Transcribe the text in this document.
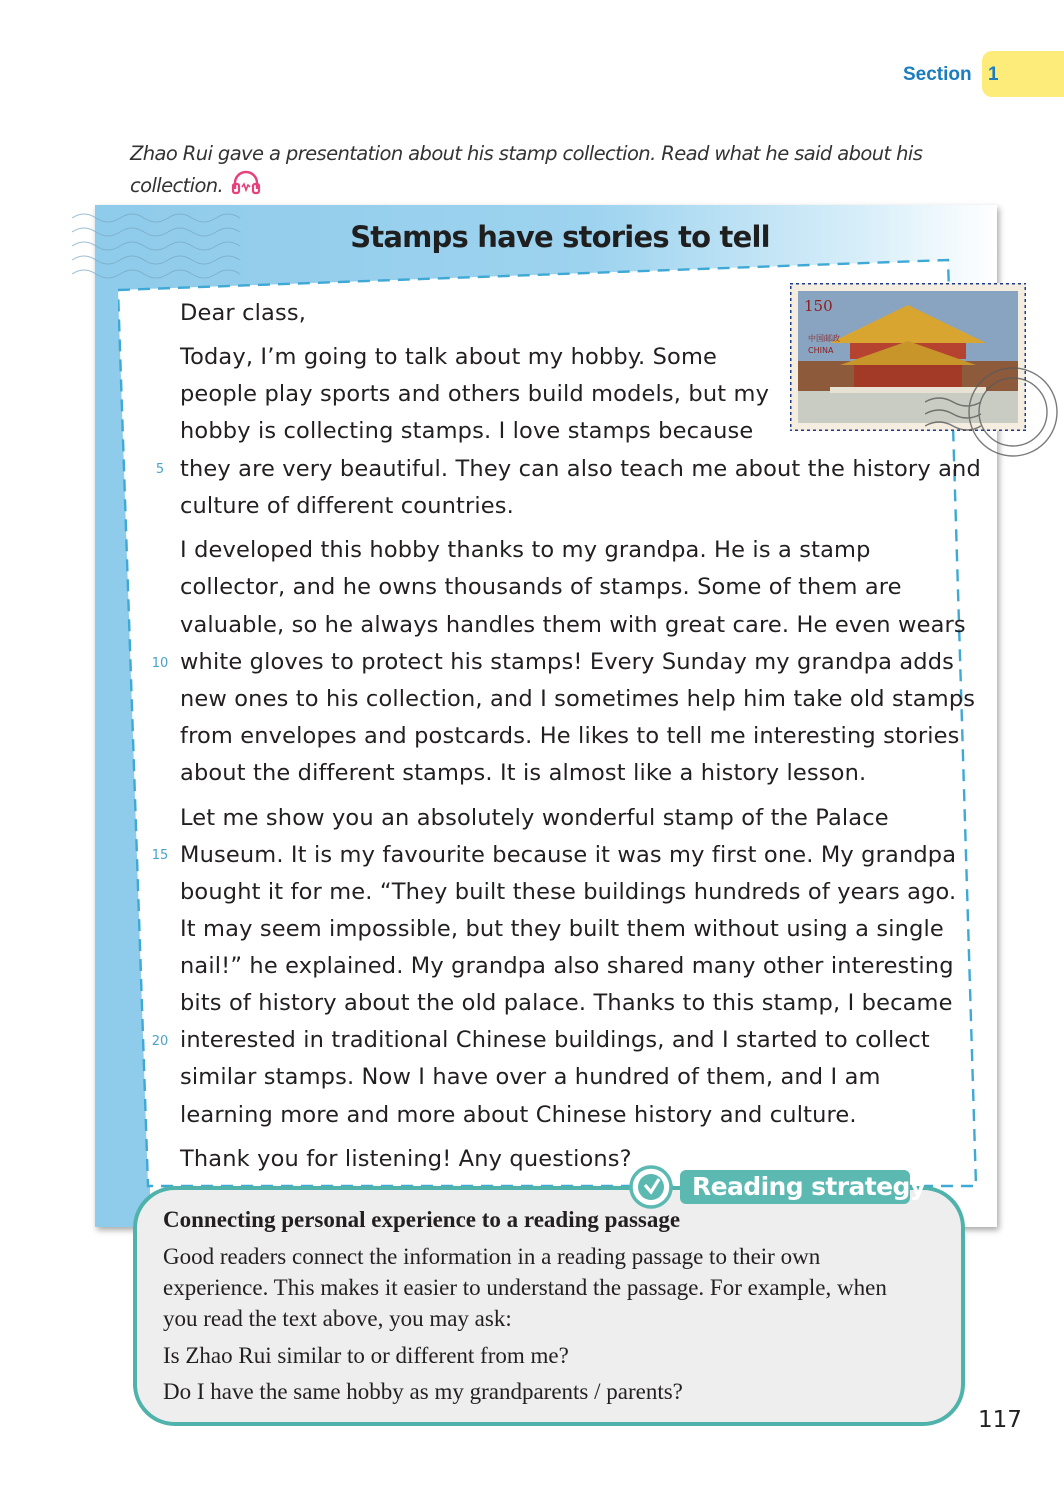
Section 1
Zhao Rui gave a presentation about his stamp collection. Read what he said about his
collection.
Stamps have stories to tell
150
中国邮政
CHINA
Dear class,
Today, I’m going to talk about my hobby. Some
people play sports and others build models, but my
hobby is collecting stamps. I love stamps because
they are very beautiful. They can also teach me about the history and
culture of different countries.
I developed this hobby thanks to my grandpa. He is a stamp
collector, and he owns thousands of stamps. Some of them are
valuable, so he always handles them with great care. He even wears
white gloves to protect his stamps! Every Sunday my grandpa adds
new ones to his collection, and I sometimes help him take old stamps
from envelopes and postcards. He likes to tell me interesting stories
about the different stamps. It is almost like a history lesson.
Let me show you an absolutely wonderful stamp of the Palace
Museum. It is my favourite because it was my first one. My grandpa
bought it for me. “They built these buildings hundreds of years ago.
It may seem impossible, but they built them without using a single
nail!” he explained. My grandpa also shared many other interesting
bits of history about the old palace. Thanks to this stamp, I became
interested in traditional Chinese buildings, and I started to collect
similar stamps. Now I have over a hundred of them, and I am
learning more and more about Chinese history and culture.
Thank you for listening! Any questions?
5
10
15
20
Reading strategy
Connecting personal experience to a reading passage
Good readers connect the information in a reading passage to their own
experience. This makes it easier to understand the passage. For example, when
you read the text above, you may ask:
Is Zhao Rui similar to or different from me?
Do I have the same hobby as my grandparents / parents?
117
